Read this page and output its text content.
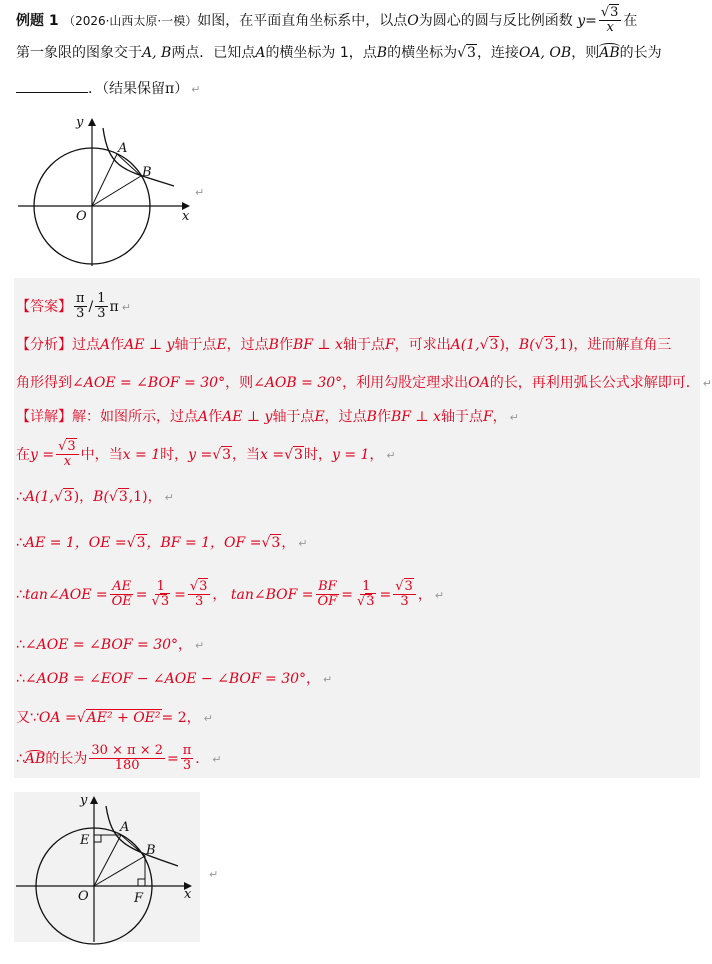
例题 1 （2026·山西太原·一模）如图，在平面直角坐标系中，以点O为圆心的圆与反比例函数 $y= \frac{√3}{x}$ 在
第一象限的图象交于A, B两点．已知点A的横坐标为 1，点B的横坐标为√3，连接OA, OB，则AB的长为
．（结果保留π） ↵
y
x
O
A
B
↵
【答案】 $\frac{\pi}{3} / \frac{1}{3}$ π ↵
【分析】过点A作AE ⊥ y轴于点E，过点B作BF ⊥ x轴于点F，可求出A(1,√3)，B(√3,1)，进而解直角三
角形得到∠AOE = ∠BOF = 30°，则∠AOB = 30°，利用勾股定理求出OA的长，再利用弧长公式求解即可． ↵
【详解】解：如图所示，过点A作AE ⊥ y轴于点E，过点B作BF ⊥ x轴于点F， ↵
在$y = \frac{√3}{x}$ 中，当x = 1时，y =√3，当x =√3时，y = 1， ↵
∴A(1,√3)，B(√3,1)， ↵
∴AE = 1，OE =√3，BF = 1，OF =√3， ↵
∴tan∠AOE = $\frac{AE}{OE} = \frac{1}{√3} = \frac{√3}{3}$ ， tan∠BOF = $\frac{BF}{OF} = \frac{1}{√3} = \frac{√3}{3}$ ， ↵
∴∠AOE = ∠BOF = 30°， ↵
∴∠AOB = ∠EOF − ∠AOE − ∠BOF = 30°， ↵
又∵OA =√AE² + OE²= 2， ↵
∴AB的长为 $\frac{30 \times \pi \times 2}{180} = \frac{\pi}{3}$ ． ↵
y
x
O
A
B
E
F
↵
